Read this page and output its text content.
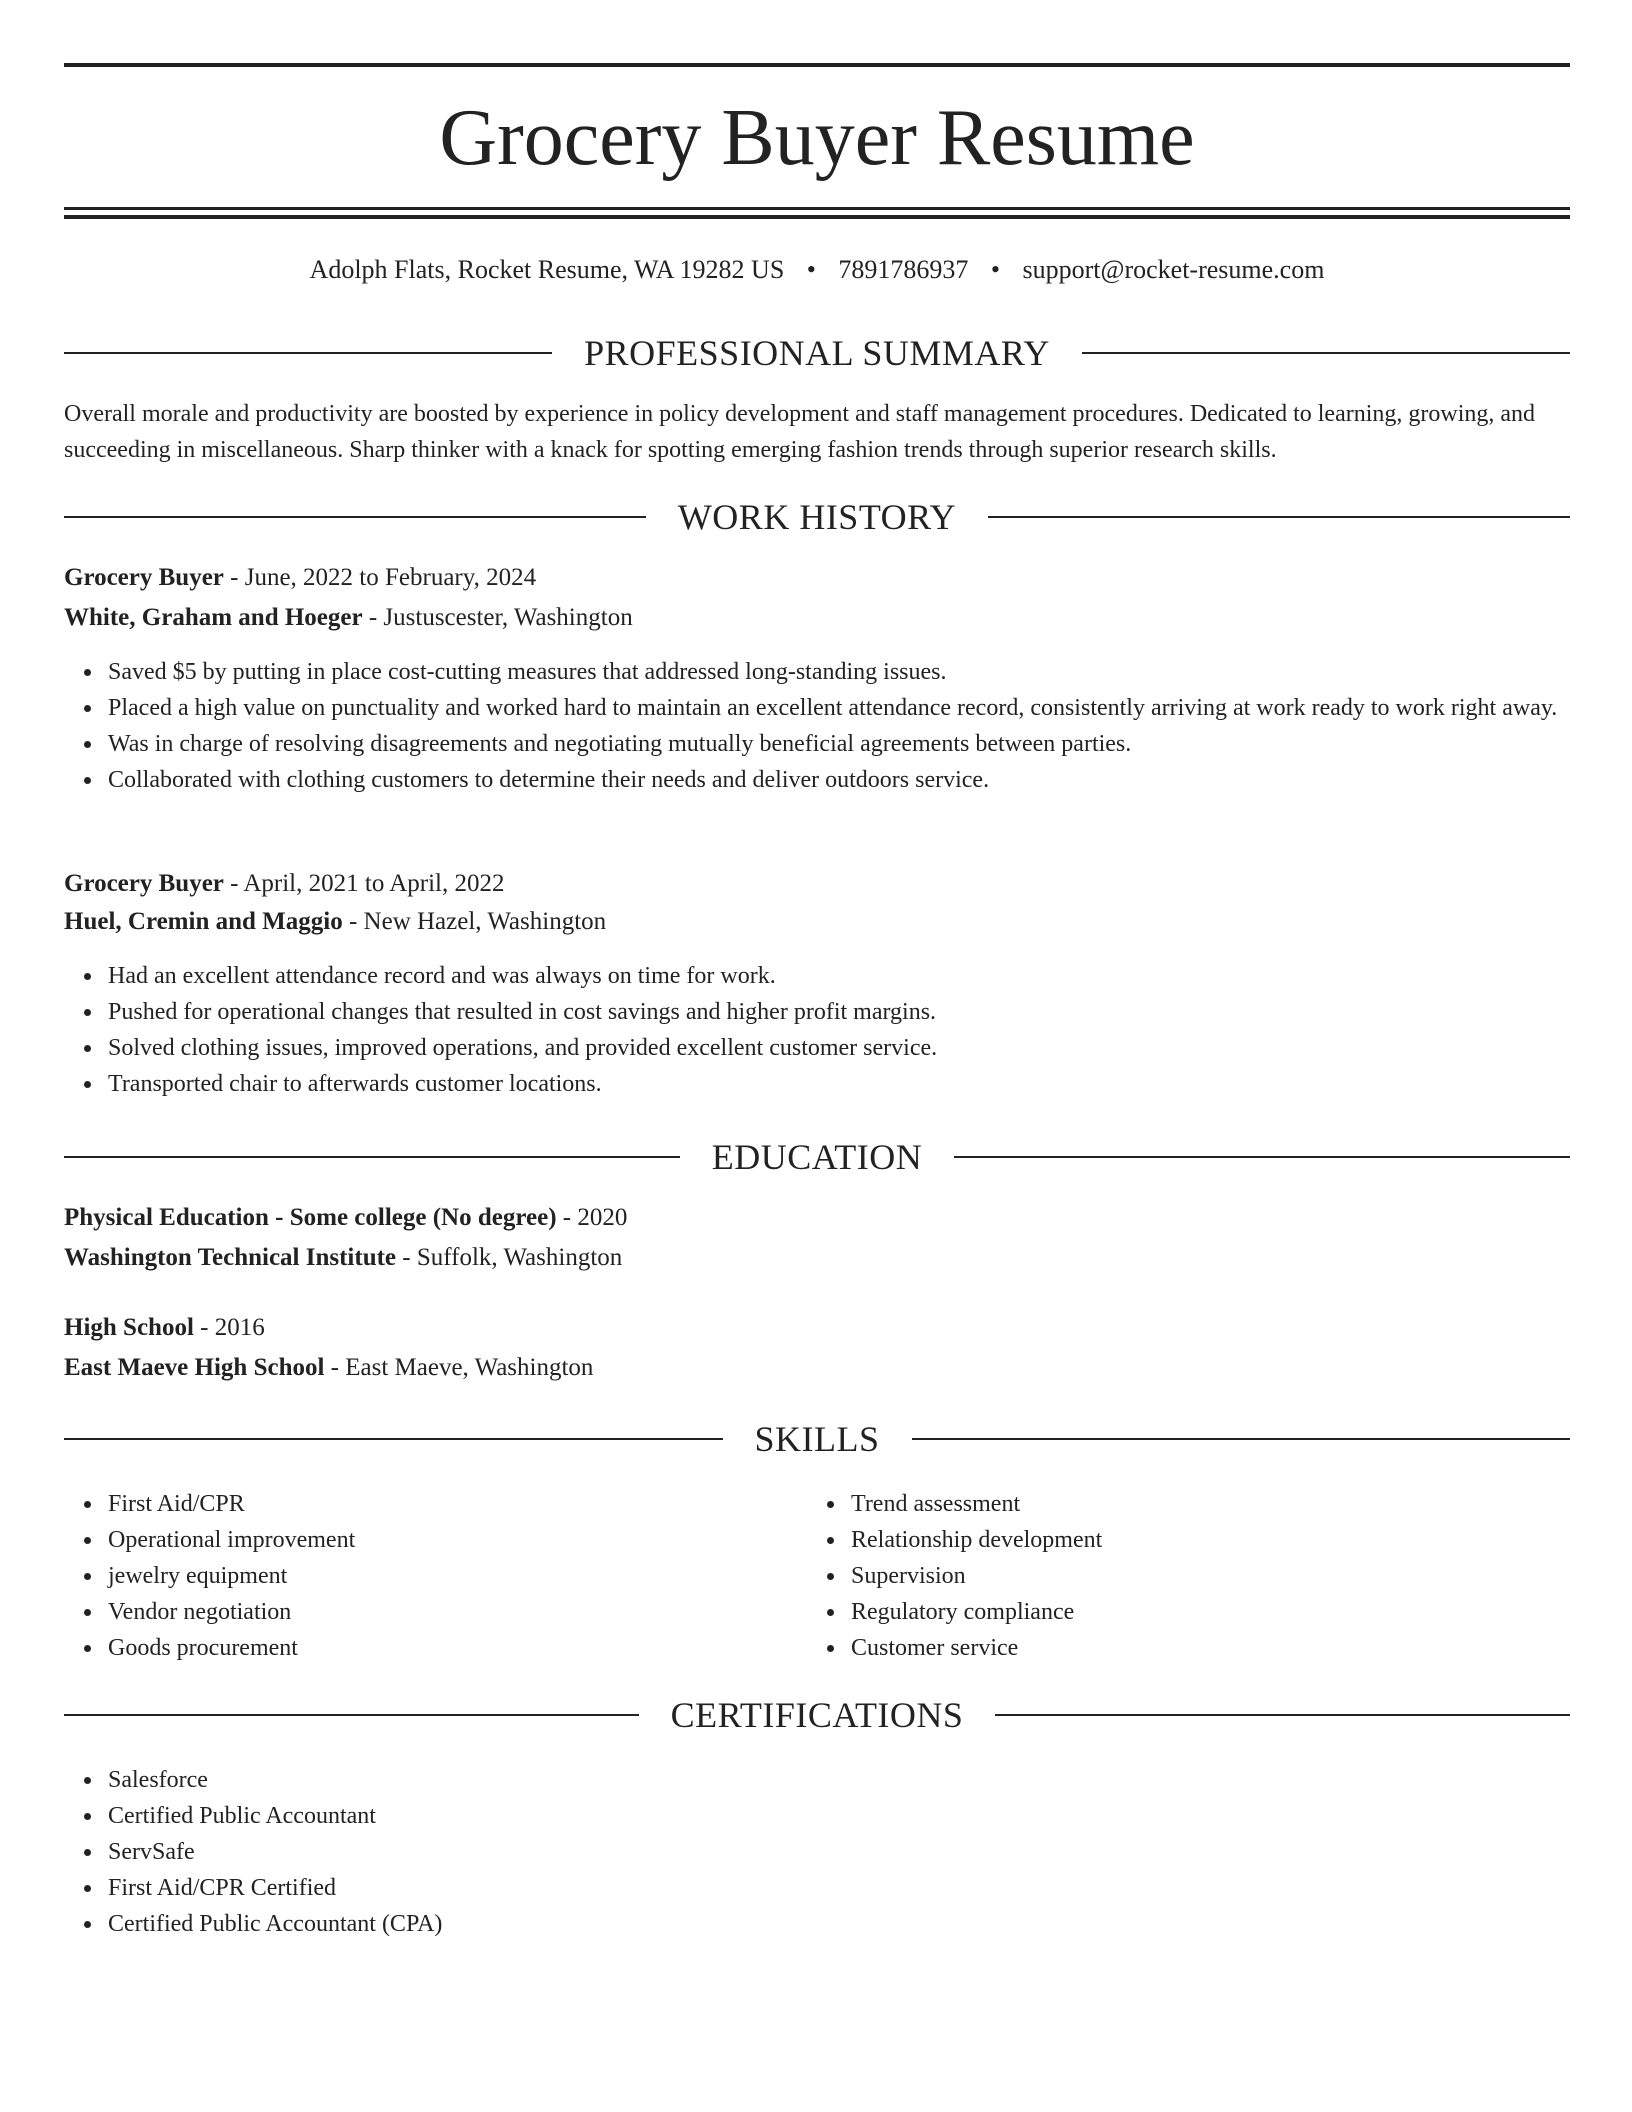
Grocery Buyer Resume
Adolph Flats, Rocket Resume, WA 19282 US • 7891786937 • support@rocket-resume.com
PROFESSIONAL SUMMARY
Overall morale and productivity are boosted by experience in policy development and staff management procedures. Dedicated to learning, growing, and succeeding in miscellaneous. Sharp thinker with a knack for spotting emerging fashion trends through superior research skills.
WORK HISTORY
Grocery Buyer - June, 2022 to February, 2024
White, Graham and Hoeger - Justuscester, Washington
Saved $5 by putting in place cost-cutting measures that addressed long-standing issues.
Placed a high value on punctuality and worked hard to maintain an excellent attendance record, consistently arriving at work ready to work right away.
Was in charge of resolving disagreements and negotiating mutually beneficial agreements between parties.
Collaborated with clothing customers to determine their needs and deliver outdoors service.
Grocery Buyer - April, 2021 to April, 2022
Huel, Cremin and Maggio - New Hazel, Washington
Had an excellent attendance record and was always on time for work.
Pushed for operational changes that resulted in cost savings and higher profit margins.
Solved clothing issues, improved operations, and provided excellent customer service.
Transported chair to afterwards customer locations.
EDUCATION
Physical Education - Some college (No degree) - 2020
Washington Technical Institute - Suffolk, Washington
High School - 2016
East Maeve High School - East Maeve, Washington
SKILLS
First Aid/CPR
Operational improvement
jewelry equipment
Vendor negotiation
Goods procurement
Trend assessment
Relationship development
Supervision
Regulatory compliance
Customer service
CERTIFICATIONS
Salesforce
Certified Public Accountant
ServSafe
First Aid/CPR Certified
Certified Public Accountant (CPA)
